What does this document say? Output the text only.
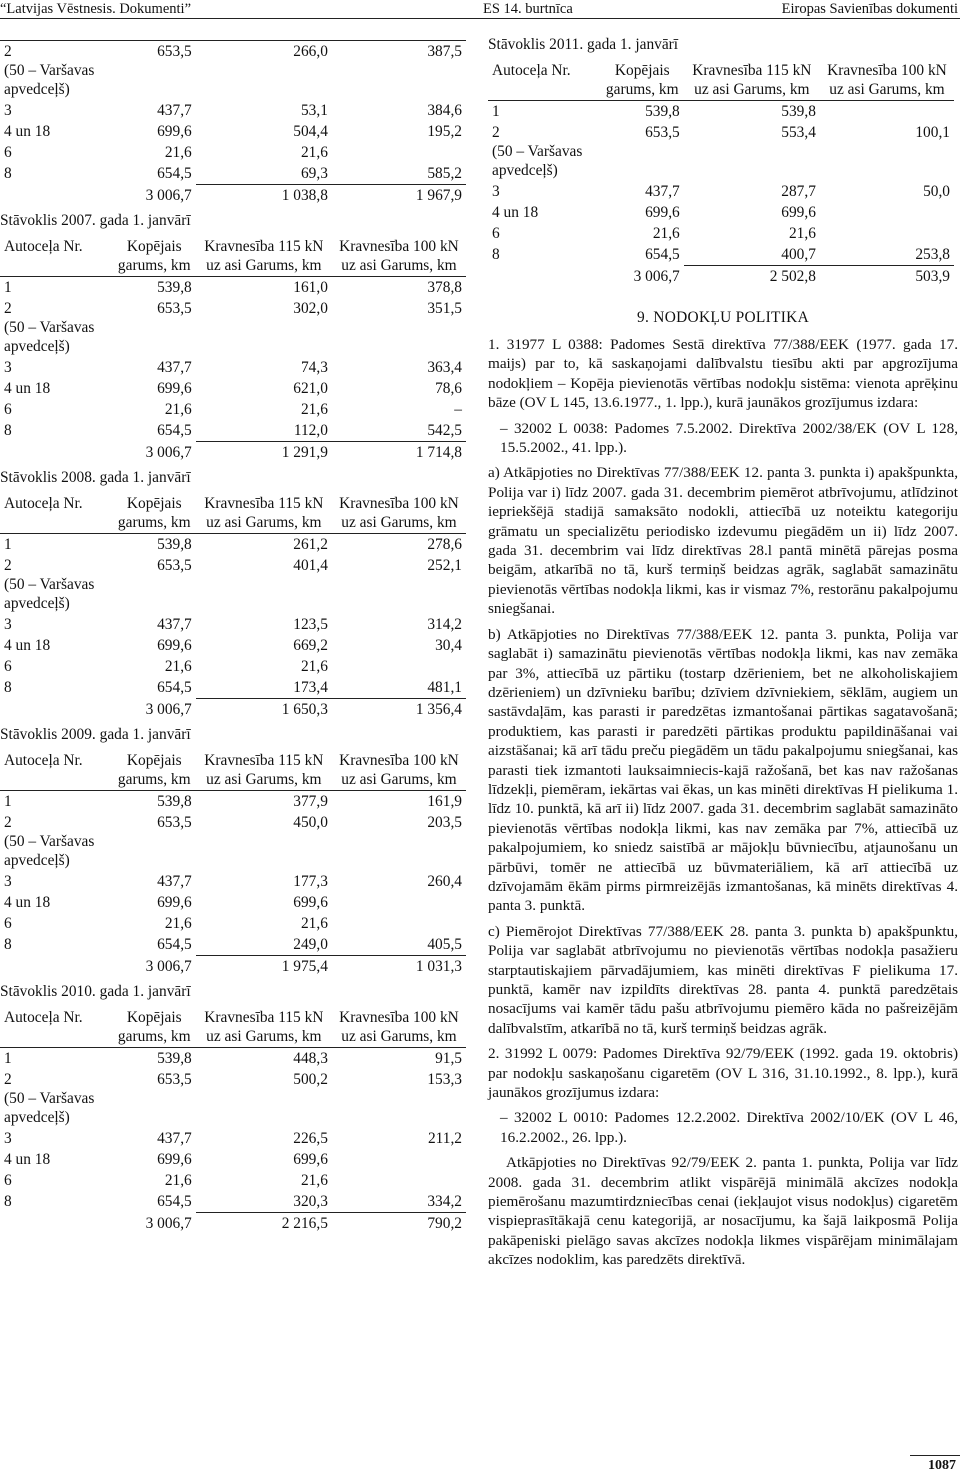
“Latvijas Vēstnesis. Dokumenti”	ES 14. burtnīca	Eiropas Savienības dokumenti
2
(50 – Varšavas apvedceļš)	653,5	266,0	387,5
3	437,7	53,1	384,6
4 un 18	699,6	504,4	195,2
6	21,6	21,6	
8	654,5	69,3	585,2
	3 006,7	1 038,8	1 967,9
Stāvoklis 2007. gada 1. janvārī
Autoceļa Nr.	Kopējais garums, km	Kravnesība 115 kN uz asi Garums, km	Kravnesība 100 kN uz asi Garums, km
1	539,8	161,0	378,8
2
(50 – Varšavas apvedceļš)	653,5	302,0	351,5
3	437,7	74,3	363,4
4 un 18	699,6	621,0	78,6
6	21,6	21,6	–
8	654,5	112,0	542,5
	3 006,7	1 291,9	1 714,8
Stāvoklis 2008. gada 1. janvārī
Autoceļa Nr.	Kopējais garums, km	Kravnesība 115 kN uz asi Garums, km	Kravnesība 100 kN uz asi Garums, km
1	539,8	261,2	278,6
2
(50 – Varšavas apvedceļš)	653,5	401,4	252,1
3	437,7	123,5	314,2
4 un 18	699,6	669,2	30,4
6	21,6	21,6	
8	654,5	173,4	481,1
	3 006,7	1 650,3	1 356,4
Stāvoklis 2009. gada 1. janvārī
Autoceļa Nr.	Kopējais garums, km	Kravnesība 115 kN uz asi Garums, km	Kravnesība 100 kN uz asi Garums, km
1	539,8	377,9	161,9
2
(50 – Varšavas apvedceļš)	653,5	450,0	203,5
3	437,7	177,3	260,4
4 un 18	699,6	699,6	
6	21,6	21,6	
8	654,5	249,0	405,5
	3 006,7	1 975,4	1 031,3
Stāvoklis 2010. gada 1. janvārī
Autoceļa Nr.	Kopējais garums, km	Kravnesība 115 kN uz asi Garums, km	Kravnesība 100 kN uz asi Garums, km
1	539,8	448,3	91,5
2
(50 – Varšavas apvedceļš)	653,5	500,2	153,3
3	437,7	226,5	211,2
4 un 18	699,6	699,6	
6	21,6	21,6	
8	654,5	320,3	334,2
	3 006,7	2 216,5	790,2
Stāvoklis 2011. gada 1. janvārī
Autoceļa Nr.	Kopējais garums, km	Kravnesība 115 kN uz asi Garums, km	Kravnesība 100 kN uz asi Garums, km
1	539,8	539,8	
2
(50 – Varšavas apvedceļš)	653,5	553,4	100,1
3	437,7	287,7	50,0
4 un 18	699,6	699,6	
6	21,6	21,6	
8	654,5	400,7	253,8
	3 006,7	2 502,8	503,9
9. NODOKĻU POLITIKA

1. 31977 L 0388: Padomes Sestā direktīva 77/388/EEK (1977. gada 17. maijs) par to, kā saskaņojami dalībvalstu tiesību akti par apgrozījuma nodokļiem – Kopēja pievienotās vērtības nodokļu sistēma: vienota aprēķinu bāze (OV L 145, 13.6.1977., 1. lpp.), kurā jaunākos grozījumus izdara:

– 32002 L 0038: Padomes 7.5.2002. Direktīva 2002/38/EK (OV L 128, 15.5.2002., 41. lpp.).

a) Atkāpjoties no Direktīvas 77/388/EEK 12. panta 3. punkta i) apakšpunkta, Polija var i) līdz 2007. gada 31. decembrim piemērot atbrīvojumu, atlīdzinot iepriekšējā stadijā samaksāto nodokli, attiecībā uz noteiktu kategoriju grāmatu un specializētu periodisko izdevumu piegādēm un ii) līdz 2007. gada 31. decembrim vai līdz direktīvas 28.l pantā minētā pārejas posma beigām, atkarībā no tā, kurš termiņš beidzas agrāk, saglabāt samazinātu pievienotās vērtības nodokļa likmi, kas ir vismaz 7%, restorānu pakalpojumu sniegšanai.

b) Atkāpjoties no Direktīvas 77/388/EEK 12. panta 3. punkta, Polija var saglabāt i) samazinātu pievienotās vērtības nodokļa likmi, kas nav zemāka par 3%, attiecībā uz pārtiku (tostarp dzērieniem, bet ne alkoholiskajiem dzērieniem) un dzīvnieku barību; dzīviem dzīvniekiem, sēklām, augiem un sastāvdaļām, kas parasti ir paredzētas izmantošanai pārtikas sagatavošanā; produktiem, kas parasti ir paredzēti pārtikas produktu papildināšanai vai aizstāšanai; kā arī tādu preču piegādēm un tādu pakalpojumu sniegšanai, kas parasti tiek izmantoti lauksaimniecis-kajā ražošanā, bet kas nav ražošanas līdzekļi, piemēram, iekārtas vai ēkas, un kas minēti direktīvas H pielikuma 1. līdz 10. punktā, kā arī ii) līdz 2007. gada 31. decembrim saglabāt samazināto pievienotās vērtības nodokļa likmi, kas nav zemāka par 7%, attiecībā uz pakalpojumiem, ko sniedz saistībā ar mājokļu būvniecību, atjaunošanu un pārbūvi, tomēr ne attiecībā uz būvmateriāliem, kā arī attiecībā uz dzīvojamām ēkām pirms pirmreizējās izmantošanas, kā minēts direktīvas 4. panta 3. punktā.

c) Piemērojot Direktīvas 77/388/EEK 28. panta 3. punkta b) apakšpunktu, Polija var saglabāt atbrīvojumu no pievienotās vērtības nodokļa pasažieru starptautiskajiem pārvadājumiem, kas minēti direktīvas F pielikuma 17. punktā, kamēr nav izpildīts direktīvas 28. panta 4. punktā paredzētais nosacījums vai kamēr tādu pašu atbrīvojumu piemēro kāda no pašreizējām dalībvalstīm, atkarībā no tā, kurš termiņš beidzas agrāk.

2. 31992 L 0079: Padomes Direktīva 92/79/EEK (1992. gada 19. oktobris) par nodokļu saskaņošanu cigaretēm (OV L 316, 31.10.1992., 8. lpp.), kurā jaunākos grozījumus izdara:

– 32002 L 0010: Padomes 12.2.2002. Direktīva 2002/10/EK (OV L 46, 16.2.2002., 26. lpp.).

Atkāpjoties no Direktīvas 92/79/EEK 2. panta 1. punkta, Polija var līdz 2008. gada 31. decembrim atlikt vispārējā minimālā akcīzes nodokļa piemērošanu mazumtirdzniecības cenai (iekļaujot visus nodokļus) cigaretēm vispieprasītākajā cenu kategorijā, ar nosacījumu, ka šajā laikposmā Polija pakāpeniski pielāgo savas akcīzes nodokļa likmes vispārējam minimālajam akcīzes nodoklim, kas paredzēts direktīvā.

1087
